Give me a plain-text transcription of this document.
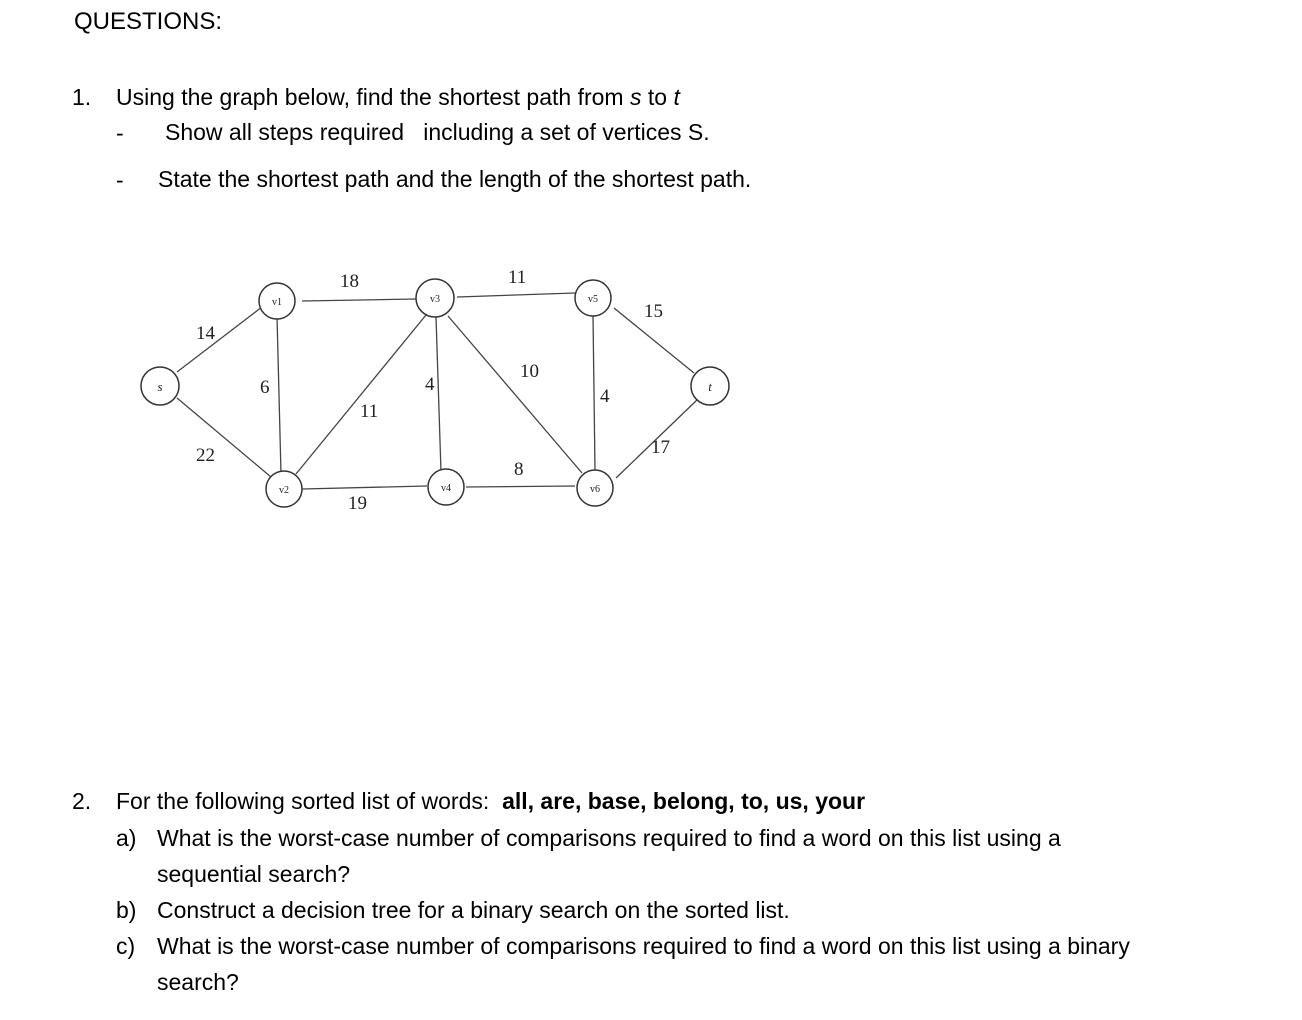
QUESTIONS:
1. Using the graph below, find the shortest path from s to t
- Show all steps required   including a set of vertices S.
- State the shortest path and the length of the shortest path.
s
v1
v2
v3
v4
v5
v6
t
14
22
6
18
11
19
4
11
10
8
4
15
17
2. For the following sorted list of words:  all, are, base, belong, to, us, your
a) What is the worst-case number of comparisons required to find a word on this list using a
sequential search?
b) Construct a decision tree for a binary search on the sorted list.
c) What is the worst-case number of comparisons required to find a word on this list using a binary
search?
